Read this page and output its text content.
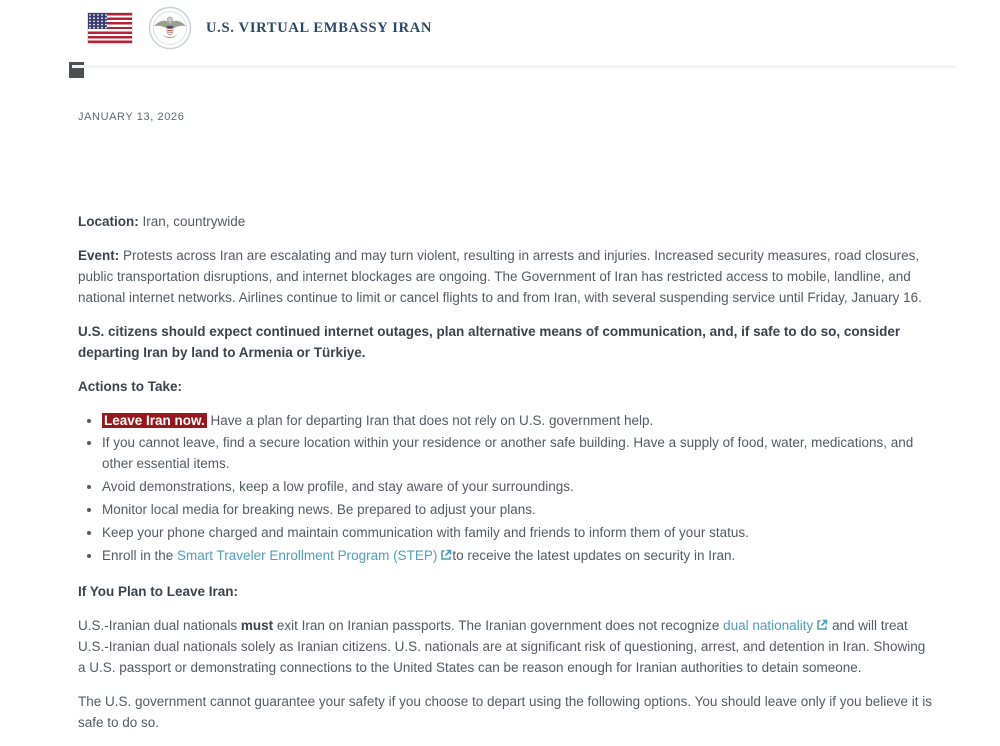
U.S. VIRTUAL EMBASSY IRAN

JANUARY 13, 2026

Location: Iran, countrywide

Event: Protests across Iran are escalating and may turn violent, resulting in arrests and injuries. Increased security measures, road closures, public transportation disruptions, and internet blockages are ongoing. The Government of Iran has restricted access to mobile, landline, and national internet networks. Airlines continue to limit or cancel flights to and from Iran, with several suspending service until Friday, January 16.

U.S. citizens should expect continued internet outages, plan alternative means of communication, and, if safe to do so, consider departing Iran by land to Armenia or Türkiye.

Actions to Take:

• Leave Iran now. Have a plan for departing Iran that does not rely on U.S. government help.
• If you cannot leave, find a secure location within your residence or another safe building. Have a supply of food, water, medications, and other essential items.
• Avoid demonstrations, keep a low profile, and stay aware of your surroundings.
• Monitor local media for breaking news. Be prepared to adjust your plans.
• Keep your phone charged and maintain communication with family and friends to inform them of your status.
• Enroll in the Smart Traveler Enrollment Program (STEP) to receive the latest updates on security in Iran.

If You Plan to Leave Iran:

U.S.-Iranian dual nationals must exit Iran on Iranian passports. The Iranian government does not recognize dual nationality
and will treat U.S.-Iranian dual nationals solely as Iranian citizens. U.S. nationals are at significant risk of questioning, arrest, and detention in Iran. Showing a U.S. passport or demonstrating connections to the United States can be reason enough for Iranian authorities to detain someone.

The U.S. government cannot guarantee your safety if you choose to depart using the following options. You should leave only if you believe it is safe to do so.
